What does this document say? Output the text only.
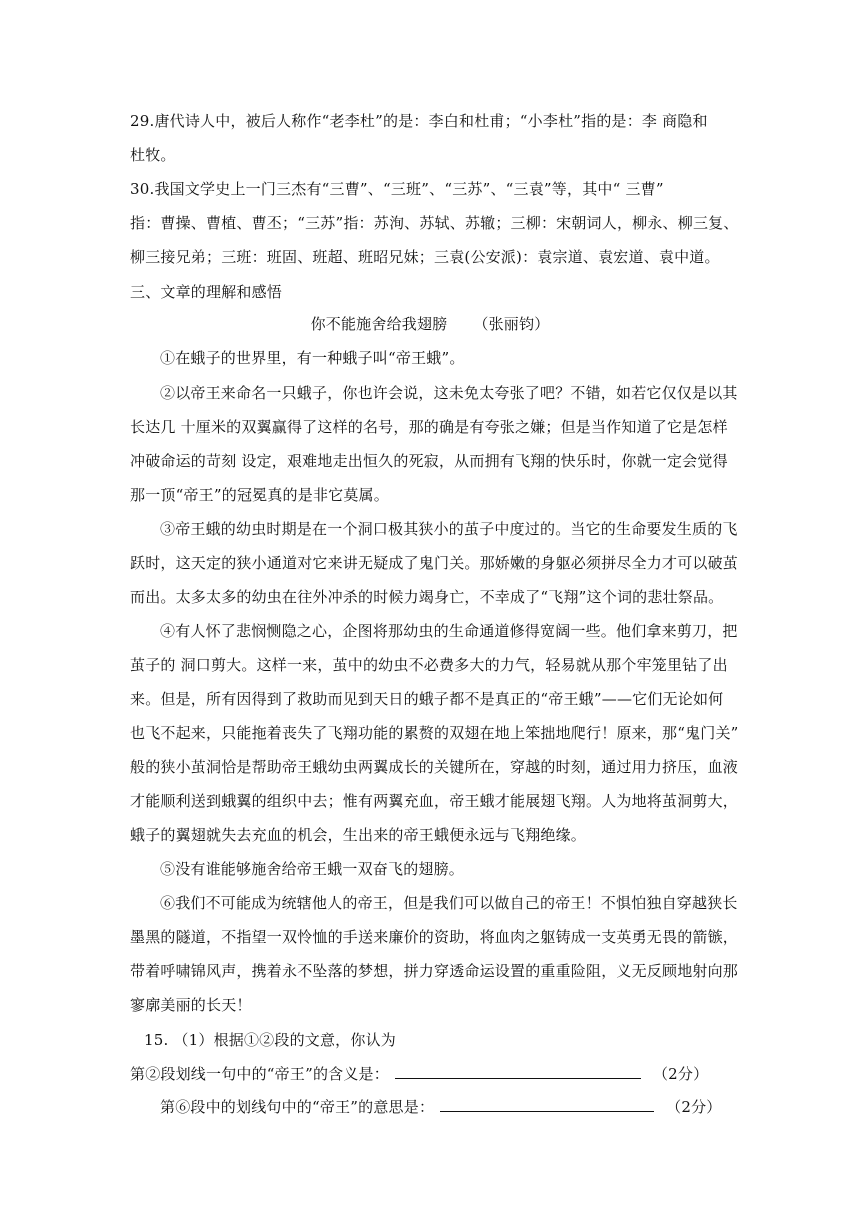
29.唐代诗人中，被后人称作“老李杜”的是：李白和杜甫；“小李杜”指的是：李 商隐和
杜牧。
30.我国文学史上一门三杰有“三曹”、“三班”、“三苏”、“三袁”等，其中“ 三曹”
指：曹操、曹植、曹丕；“三苏”指：苏洵、苏轼、苏辙；三柳：宋朝词人，柳永、柳三复、
柳三接兄弟；三班：班固、班超、班昭兄妹；三袁(公安派)：袁宗道、袁宏道、袁中道。
三、文章的理解和感悟
你不能施舍给我翅膀 （张丽钧）
①在蛾子的世界里，有一种蛾子叫“帝王蛾”。
②以帝王来命名一只蛾子，你也许会说，这未免太夸张了吧？不错，如若它仅仅是以其
长达几 十厘米的双翼赢得了这样的名号，那的确是有夸张之嫌；但是当作知道了它是怎样
冲破命运的苛刻 设定，艰难地走出恒久的死寂，从而拥有飞翔的快乐时，你就一定会觉得
那一顶“帝王”的冠冕真的是非它莫属。
③帝王蛾的幼虫时期是在一个洞口极其狭小的茧子中度过的。当它的生命要发生质的飞
跃时，这天定的狭小通道对它来讲无疑成了鬼门关。那娇嫩的身躯必须拼尽全力才可以破茧
而出。太多太多的幼虫在往外冲杀的时候力竭身亡，不幸成了“飞翔”这个词的悲壮祭品。
④有人怀了悲悯恻隐之心，企图将那幼虫的生命通道修得宽阔一些。他们拿来剪刀，把
茧子的 洞口剪大。这样一来，茧中的幼虫不必费多大的力气，轻易就从那个牢笼里钻了出
来。但是，所有因得到了救助而见到天日的蛾子都不是真正的“帝王蛾”——它们无论如何
也飞不起来，只能拖着丧失了飞翔功能的累赘的双翅在地上笨拙地爬行！原来，那“鬼门关”
般的狭小茧洞恰是帮助帝王蛾幼虫两翼成长的关键所在，穿越的时刻，通过用力挤压，血液
才能顺利送到蛾翼的组织中去；惟有两翼充血，帝王蛾才能展翅飞翔。人为地将茧洞剪大，
蛾子的翼翅就失去充血的机会，生出来的帝王蛾便永远与飞翔绝缘。
⑤没有谁能够施舍给帝王蛾一双奋飞的翅膀。
⑥我们不可能成为统辖他人的帝王，但是我们可以做自己的帝王！不惧怕独自穿越狭长
墨黑的隧道，不指望一双怜恤的手送来廉价的资助，将血肉之躯铸成一支英勇无畏的箭镞，
带着呼啸锦风声，携着永不坠落的梦想，拼力穿透命运设置的重重险阻，义无反顾地射向那
寥廓美丽的长天！
15. （1）根据①②段的文意，你认为
第②段划线一句中的“帝王”的含义是：	（2分）
第⑥段中的划线句中的“帝王”的意思是：	（2分）
